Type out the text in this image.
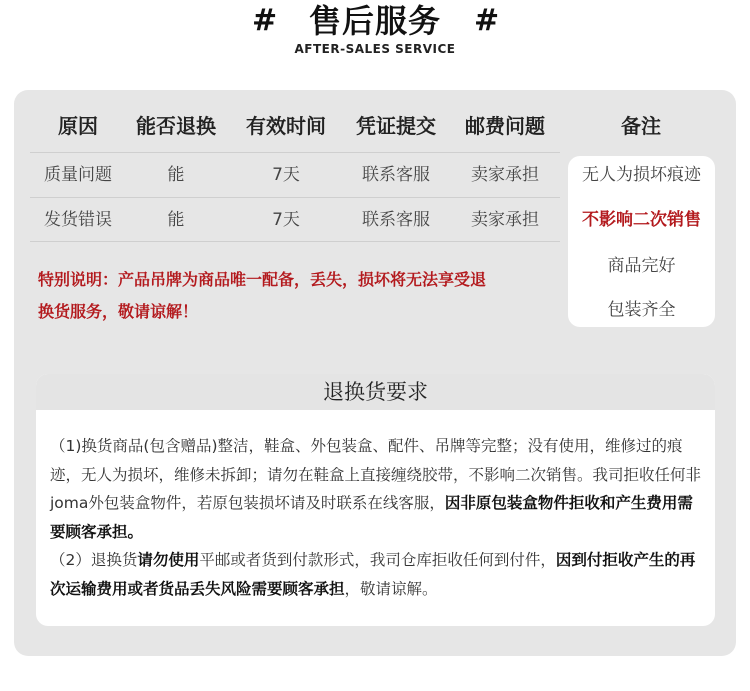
# 售后服务	#
AFTER-SALES SERVICE
原因	能否退换	有效时间	凭证提交	邮费问题	备注
质量问题	能	7天	联系客服	卖家承担
发货错误	能	7天	联系客服	卖家承担
无人为损坏痕迹
不影响二次销售
商品完好
包装齐全
特别说明：产品吊牌为商品唯一配备，丢失，损坏将无法享受退
换货服务，敬请谅解！
退换货要求
（1)换货商品(包含赠品)整洁，鞋盒、外包装盒、配件、吊牌等完整；没有使用，维修过的痕迹，无人为损坏，维修未拆卸；请勿在鞋盒上直接缠绕胶带，不影响二次销售。我司拒收任何非joma外包装盒物件，若原包装损坏请及时联系在线客服，因非原包装盒物件拒收和产生费用需要顾客承担。
（2）退换货请勿使用平邮或者货到付款形式，我司仓库拒收任何到付件，因到付拒收产生的再次运输费用或者货品丢失风险需要顾客承担，敬请谅解。
